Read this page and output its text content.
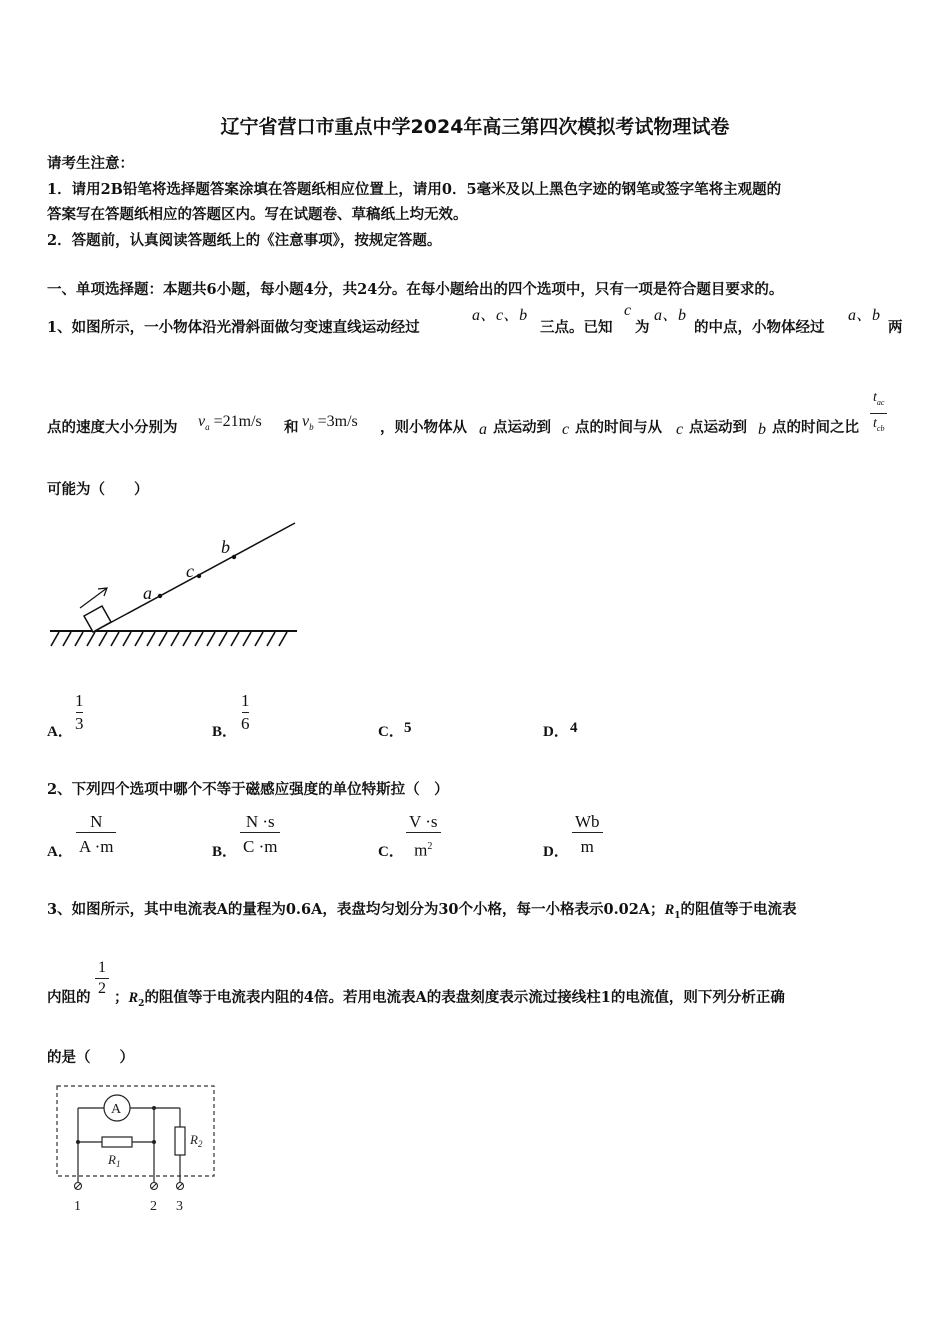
辽宁省营口市重点中学2024年高三第四次模拟考试物理试卷
请考生注意：
1．请用2B铅笔将选择题答案涂填在答题纸相应位置上，请用0．5毫米及以上黑色字迹的钢笔或签字笔将主观题的
答案写在答题纸相应的答题区内。写在试题卷、草稿纸上均无效。
2．答题前，认真阅读答题纸上的《注意事项》，按规定答题。
一、单项选择题：本题共6小题，每小题4分，共24分。在每小题给出的四个选项中，只有一项是符合题目要求的。
1、如图所示，一小物体沿光滑斜面做匀变速直线运动经过
a、c、b
三点。已知
c
为
a、b
的中点，小物体经过
a、b
两
点的速度大小分别为 $v_a =21m/s$ 和 $v_b =3m/s$ ，则小物体从 a 点运动到 c 点的时间与从 c 点运动到 b 点的时间之比
$t_{ac}$
$t_{cb}$
可能为（　　）
a
c
b
A．
1
3	B．
1
6	C． 5	D． 4
2、下列四个选项中哪个不等于磁感应强度的单位特斯拉（　）
A． $\frac{N}{A \cdot m}$	B． $\frac{N \cdot s}{C \cdot m}$	C． $\frac{V \cdot s}{m^2}$	D． $\frac{Wb}{m}$
3、如图所示，其中电流表A的量程为0.6A，表盘均匀划分为30个小格，每一小格表示0.02A；$R_1$的阻值等于电流表
内阻的 $\frac{1}{2}$ ；$R_2$的阻值等于电流表内阻的4倍。若用电流表A的表盘刻度表示流过接线柱1的电流值，则下列分析正确
的是（　　）
A
$R_1$
$R_2$
1	2 3
